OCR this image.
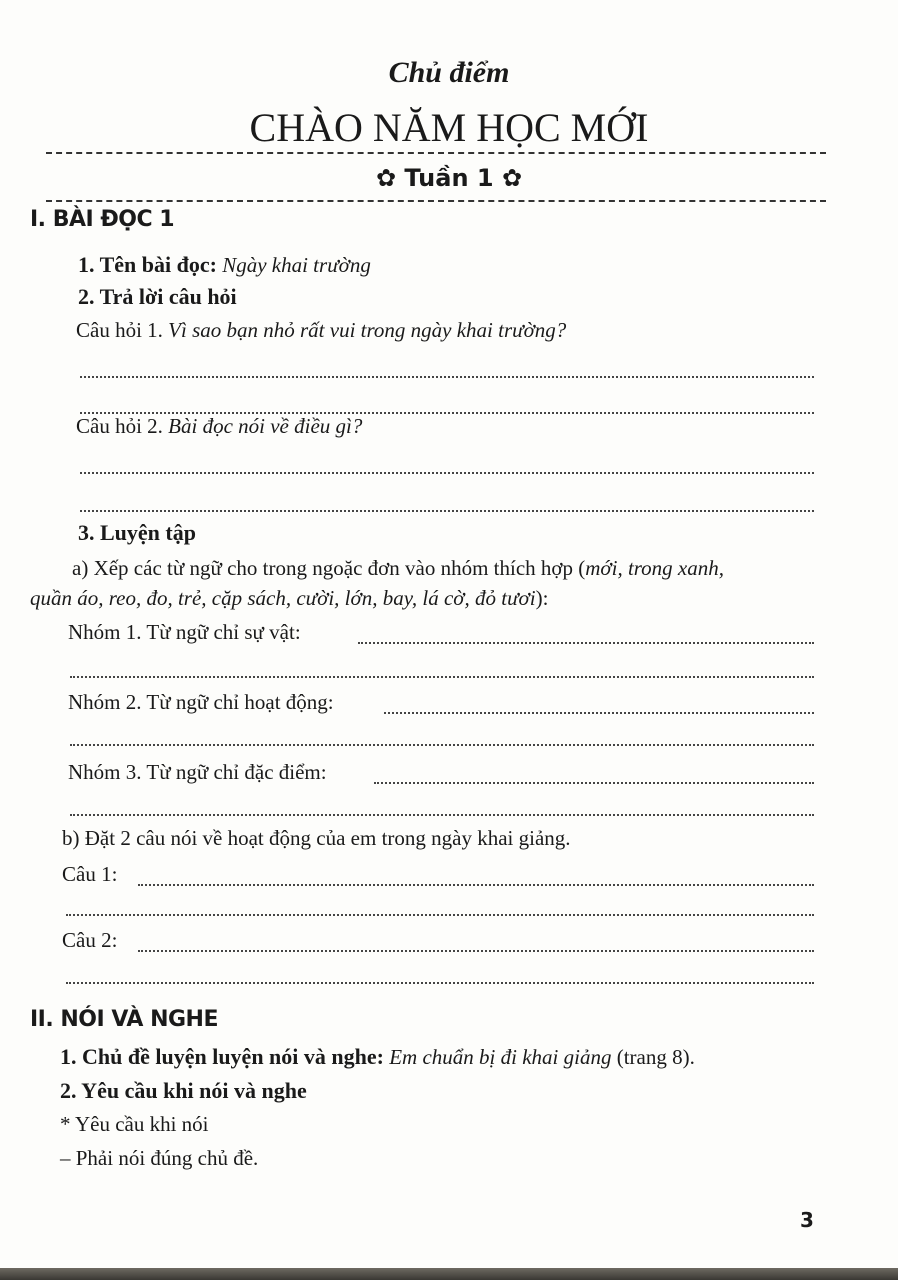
Chủ điểm
CHÀO NĂM HỌC MỚI
✿ Tuần 1 ✿
I. BÀI ĐỌC 1
1. Tên bài đọc: Ngày khai trường
2. Trả lời câu hỏi
Câu hỏi 1. Vì sao bạn nhỏ rất vui trong ngày khai trường?
Câu hỏi 2. Bài đọc nói về điều gì?
3. Luyện tập
a) Xếp các từ ngữ cho trong ngoặc đơn vào nhóm thích hợp (mới, trong xanh,
quần áo, reo, đo, trẻ, cặp sách, cười, lớn, bay, lá cờ, đỏ tươi):
Nhóm 1. Từ ngữ chỉ sự vật:
Nhóm 2. Từ ngữ chỉ hoạt động:
Nhóm 3. Từ ngữ chỉ đặc điểm:
b) Đặt 2 câu nói về hoạt động của em trong ngày khai giảng.
Câu 1:
Câu 2:
II. NÓI VÀ NGHE
1. Chủ đề luyện luyện nói và nghe: Em chuẩn bị đi khai giảng (trang 8).
2. Yêu cầu khi nói và nghe
* Yêu cầu khi nói
– Phải nói đúng chủ đề.
3
